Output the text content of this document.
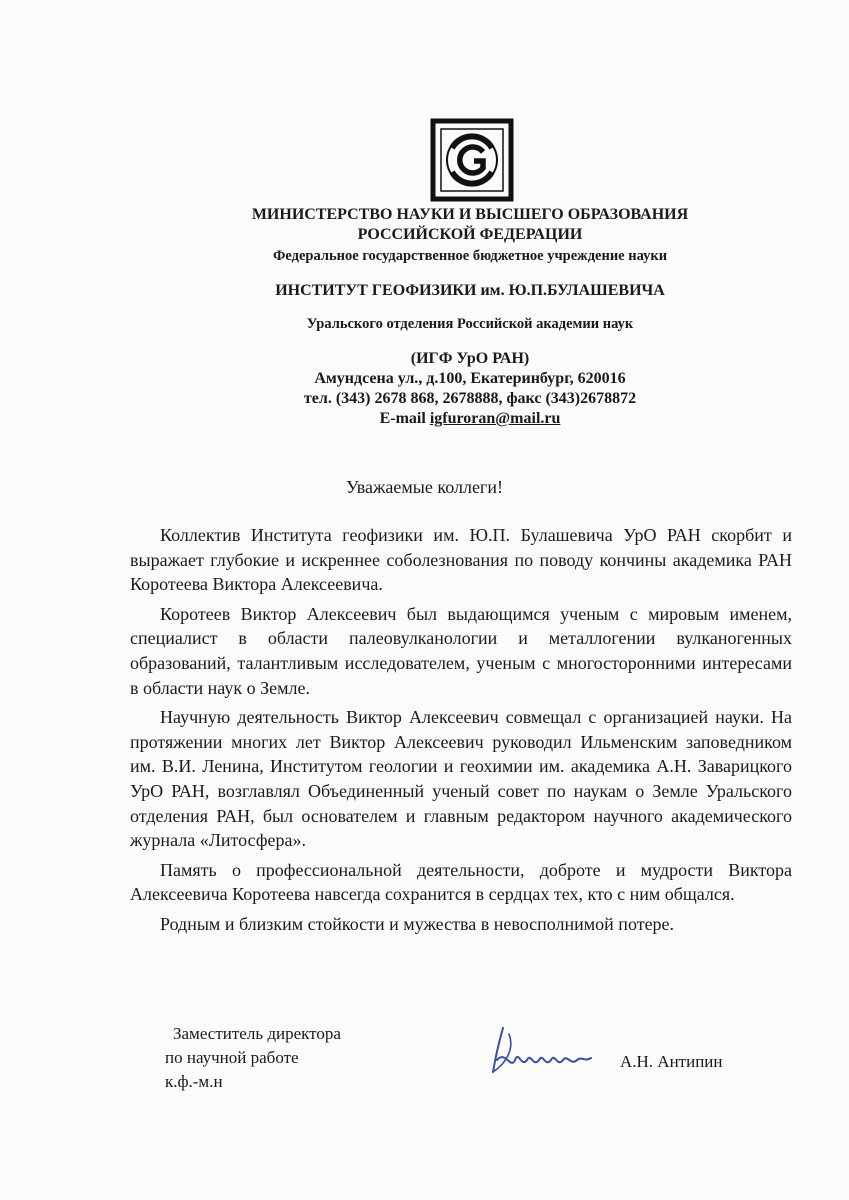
МИНИСТЕРСТВО НАУКИ И ВЫСШЕГО ОБРАЗОВАНИЯ
РОССИЙСКОЙ ФЕДЕРАЦИИ
Федеральное государственное бюджетное учреждение науки
ИНСТИТУТ ГЕОФИЗИКИ им. Ю.П.БУЛАШЕВИЧА
Уральского отделения Российской академии наук
(ИГФ УрО РАН)
Амундсена ул., д.100, Екатеринбург, 620016
тел. (343) 2678 868, 2678888, факс (343)2678872
E-mail igfuroran@mail.ru
Уважаемые коллеги!

Коллектив Института геофизики им. Ю.П. Булашевича УрО РАН скорбит и выражает глубокие и искреннее соболезнования по поводу кончины академика РАН Коротеева Виктора Алексеевича.

Коротеев Виктор Алексеевич был выдающимся ученым с мировым именем, специалист в области палеовулканологии и металлогении вулканогенных образований, талантливым исследователем, ученым с многосторонними интересами в области наук о Земле.

Научную деятельность Виктор Алексеевич совмещал с организацией науки. На протяжении многих лет Виктор Алексеевич руководил Ильменским заповедником им. В.И. Ленина, Институтом геологии и геохимии им. академика А.Н. Заварицкого УрО РАН, возглавлял Объединенный ученый совет по наукам о Земле Уральского отделения РАН, был основателем и главным редактором научного академического журнала «Литосфера».

Память о профессиональной деятельности, доброте и мудрости Виктора Алексеевича Коротеева навсегда сохранится в сердцах тех, кто с ним общался.

Родным и близким стойкости и мужества в невосполнимой потере.

Заместитель директора
по научной работе
к.ф.-м.н
А.Н. Антипин
